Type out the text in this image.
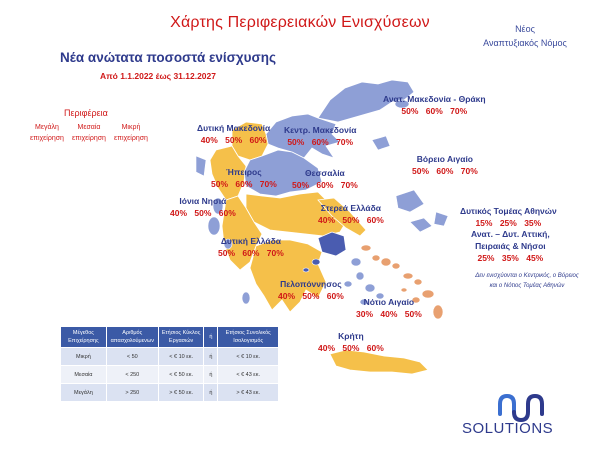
Χάρτης Περιφερειακών Ενισχύσεων	Νέος
Αναπτυξιακός Νόμος
Νέα ανώτατα ποσοστά ενίσχυσης
Από 1.1.2022 έως 31.12.2027
Περιφέρεια
Μεγάλη
επιχείρηση
Μεσαία
επιχείρηση
Μικρή
επιχείρηση
Ανατ. Μακεδονία - Θράκη
50% 60% 70%
Δυτική Μακεδονία
40% 50% 60%
Κεντρ. Μακεδονία
50% 60% 70%
Βόρειο Αιγαίο
50% 60% 70%
Ήπειρος
50% 60% 70%
Θεσσαλία
50% 60% 70%
Ιόνια Νησιά
40% 50% 60%	Στερεά Ελλάδα
40% 50% 60%
Δυτικός Τομέας Αθηνών
15% 25% 35%
Ανατ. – Δυτ. Αττική,
Πειραιάς & Νήσοι
25% 35% 45%
Δυτική Ελλάδα
50% 60% 70%
Πελοπόννησος
40% 50% 60%
Νότιο Αιγαίο
30% 40% 50%
Κρήτη
40% 50% 60%
Δεν ενισχύονται ο Κεντρικός, ο Βόρειος
και ο Νότιος Τομέας Αθηνών
Μέγεθος Επιχείρησης	Αριθμός απασχολούμενων	Ετήσιος Κύκλος Εργασιών	ή	Ετήσιος Συνολικός Ισολογισμός
Μικρή	< 50	< € 10 εκ.	ή	< € 10 εκ.
Μεσαία	< 250	< € 50 εκ.	ή	< € 43 εκ.
Μεγάλη	> 250	> € 50 εκ.	ή	> € 43 εκ.
SOLUTIONS
